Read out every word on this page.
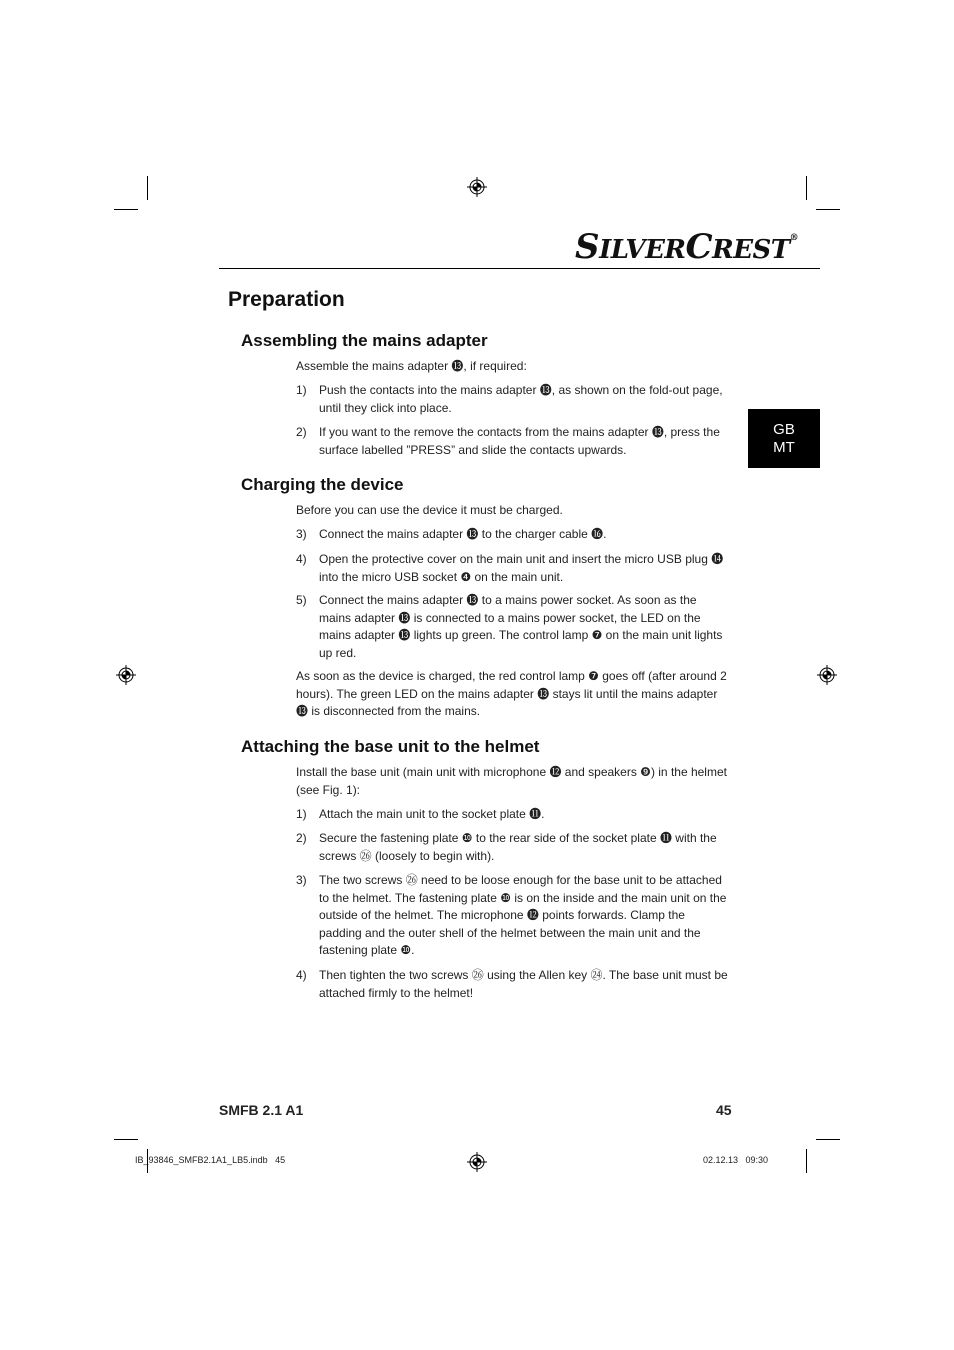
SILVERCREST®
GB
MT
Preparation
Assembling the mains adapter

Assemble the mains adapter ⓭, if required:

1) Push the contacts into the mains adapter ⓭, as shown on the fold-out page, until they click into place.
2) If you want to the remove the contacts from the mains adapter ⓭, press the surface labelled ”PRESS” and slide the contacts upwards.
Charging the device

Before you can use the device it must be charged.

3) Connect the mains adapter ⓭ to the charger cable ⓰.
4) Open the protective cover on the main unit and insert the micro USB plug ⓮ into the micro USB socket ❹ on the main unit.
5) Connect the mains adapter ⓭ to a mains power socket. As soon as the mains adapter ⓭ is connected to a mains power socket, the LED on the mains adapter ⓭ lights up green. The control lamp ❼ on the main unit lights up red.

As soon as the device is charged, the red control lamp ❼ goes off (after around 2 hours). The green LED on the mains adapter ⓭ stays lit until the mains adapter ⓭ is disconnected from the mains.

Attaching the base unit to the helmet

Install the base unit (main unit with microphone ⓬ and speakers ❾) in the helmet (see Fig. 1):

1) Attach the main unit to the socket plate ⓫.
2) Secure the fastening plate ❿ to the rear side of the socket plate ⓫ with the screws ㉖ (loosely to begin with).
3) The two screws ㉖ need to be loose enough for the base unit to be attached to the helmet. The fastening plate ❿ is on the inside and the main unit on the outside of the helmet. The microphone ⓬ points forwards. Clamp the padding and the outer shell of the helmet between the main unit and the fastening plate ❿.
4) Then tighten the two screws ㉖ using the Allen key ㉔. The base unit must be attached firmly to the helmet!
SMFB 2.1 A1	45
IB_93846_SMFB2.1A1_LB5.indb   45	02.12.13   09:30
